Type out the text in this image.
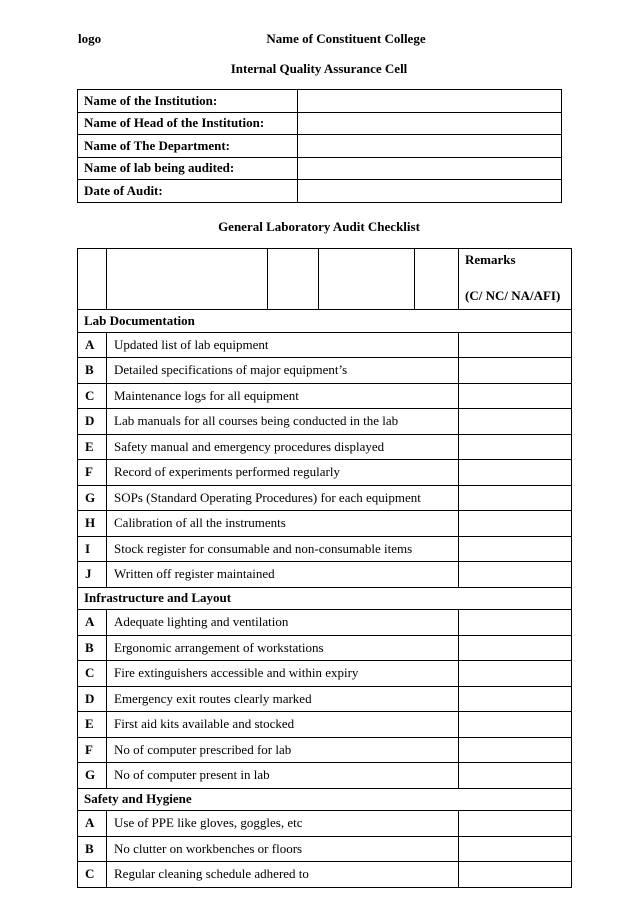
logo	Name of Constituent College
Internal Quality Assurance Cell
Name of the Institution:	
Name of Head of the Institution:	
Name of The Department:	
Name of lab being audited:	
Date of Audit:	
General Laboratory Audit Checklist

					Remarks
(C/ NC/ NA/AFI)

Lab Documentation					
A	Updated list of lab equipment				
B	Detailed specifications of major equipment’s				
C	Maintenance logs for all equipment				
D	Lab manuals for all courses being conducted in the lab				
E	Safety manual and emergency procedures displayed				
F	Record of experiments performed regularly				
G	SOPs (Standard Operating Procedures) for each equipment				
H	Calibration of all the instruments				
I	Stock register for consumable and non-consumable items				
J	Written off register maintained				
Infrastructure and Layout					
A	Adequate lighting and ventilation				
B	Ergonomic arrangement of workstations				
C	Fire extinguishers accessible and within expiry				
D	Emergency exit routes clearly marked				
E	First aid kits available and stocked				
F	No of computer prescribed for lab				
G	No of computer present in lab				
Safety and Hygiene					
A	Use of PPE like gloves, goggles, etc				
B	No clutter on workbenches or floors				
C	Regular cleaning schedule adhered to				
